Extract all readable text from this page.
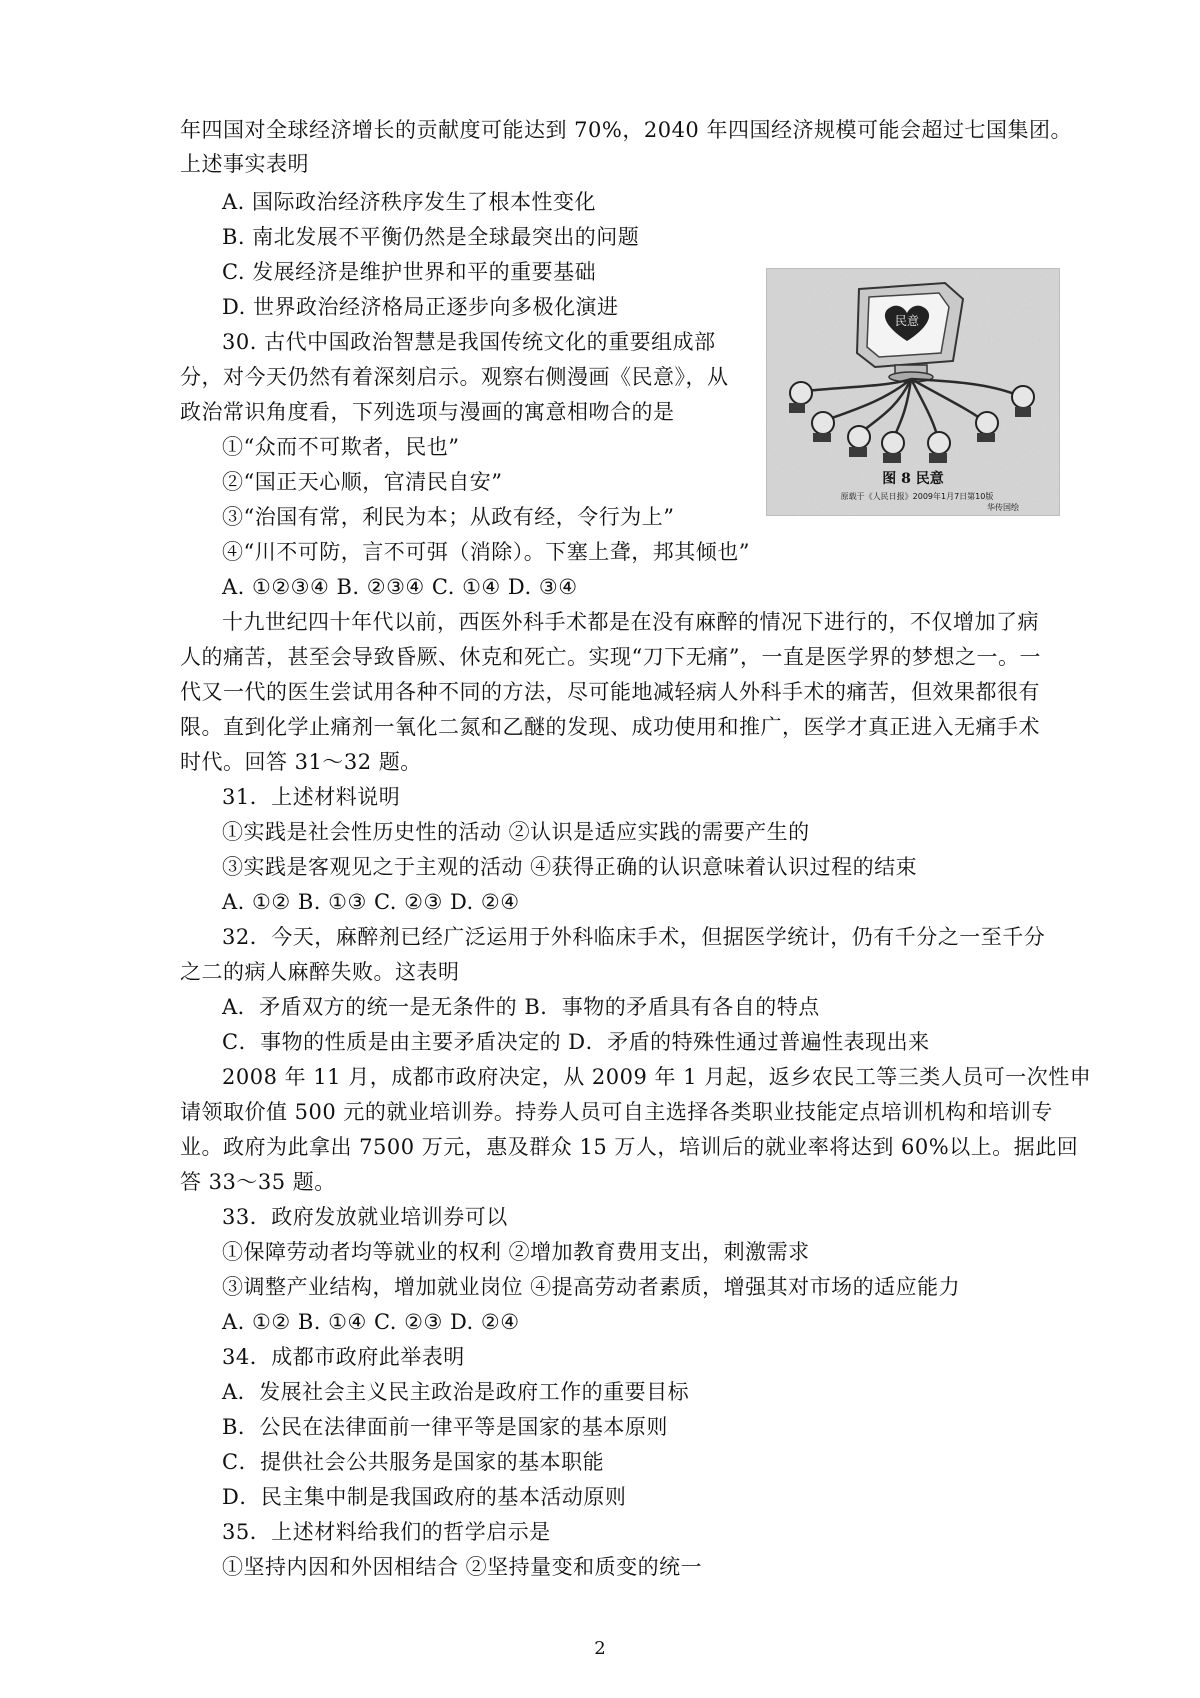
年四国对全球经济增长的贡献度可能达到 70%，2040 年四国经济规模可能会超过七国集团。
上述事实表明
A. 国际政治经济秩序发生了根本性变化
B. 南北发展不平衡仍然是全球最突出的问题
C. 发展经济是维护世界和平的重要基础
D. 世界政治经济格局正逐步向多极化演进
30. 古代中国政治智慧是我国传统文化的重要组成部
分，对今天仍然有着深刻启示。观察右侧漫画《民意》，从
政治常识角度看，下列选项与漫画的寓意相吻合的是
①“众而不可欺者，民也”
②“国正天心顺，官清民自安”
③“治国有常，利民为本；从政有经，令行为上”
④“川不可防，言不可弭（消除）。下塞上聋，邦其倾也”
A. ①②③④ B. ②③④ C. ①④ D. ③④
十九世纪四十年代以前，西医外科手术都是在没有麻醉的情况下进行的，不仅增加了病
人的痛苦，甚至会导致昏厥、休克和死亡。实现“刀下无痛”，一直是医学界的梦想之一。一
代又一代的医生尝试用各种不同的方法，尽可能地减轻病人外科手术的痛苦，但效果都很有
限。直到化学止痛剂一氧化二氮和乙醚的发现、成功使用和推广，医学才真正进入无痛手术
时代。回答 31～32 题。
31．上述材料说明
①实践是社会性历史性的活动 ②认识是适应实践的需要产生的
③实践是客观见之于主观的活动 ④获得正确的认识意味着认识过程的结束
A. ①② B. ①③ C. ②③ D. ②④
32．今天，麻醉剂已经广泛运用于外科临床手术，但据医学统计，仍有千分之一至千分
之二的病人麻醉失败。这表明
A．矛盾双方的统一是无条件的 B．事物的矛盾具有各自的特点
C．事物的性质是由主要矛盾决定的 D．矛盾的特殊性通过普遍性表现出来
2008 年 11 月，成都市政府决定，从 2009 年 1 月起，返乡农民工等三类人员可一次性申
请领取价值 500 元的就业培训券。持券人员可自主选择各类职业技能定点培训机构和培训专
业。政府为此拿出 7500 万元，惠及群众 15 万人，培训后的就业率将达到 60%以上。据此回
答 33～35 题。
33．政府发放就业培训券可以
①保障劳动者均等就业的权利 ②增加教育费用支出，刺激需求
③调整产业结构，增加就业岗位 ④提高劳动者素质，增强其对市场的适应能力
A. ①② B. ①④ C. ②③ D. ②④
34．成都市政府此举表明
A．发展社会主义民主政治是政府工作的重要目标
B．公民在法律面前一律平等是国家的基本原则
C．提供社会公共服务是国家的基本职能
D．民主集中制是我国政府的基本活动原则
35．上述材料给我们的哲学启示是
①坚持内因和外因相结合 ②坚持量变和质变的统一
民意
图 8 民意
原载于《人民日报》2009年1月7日第10版
华传国绘
2
